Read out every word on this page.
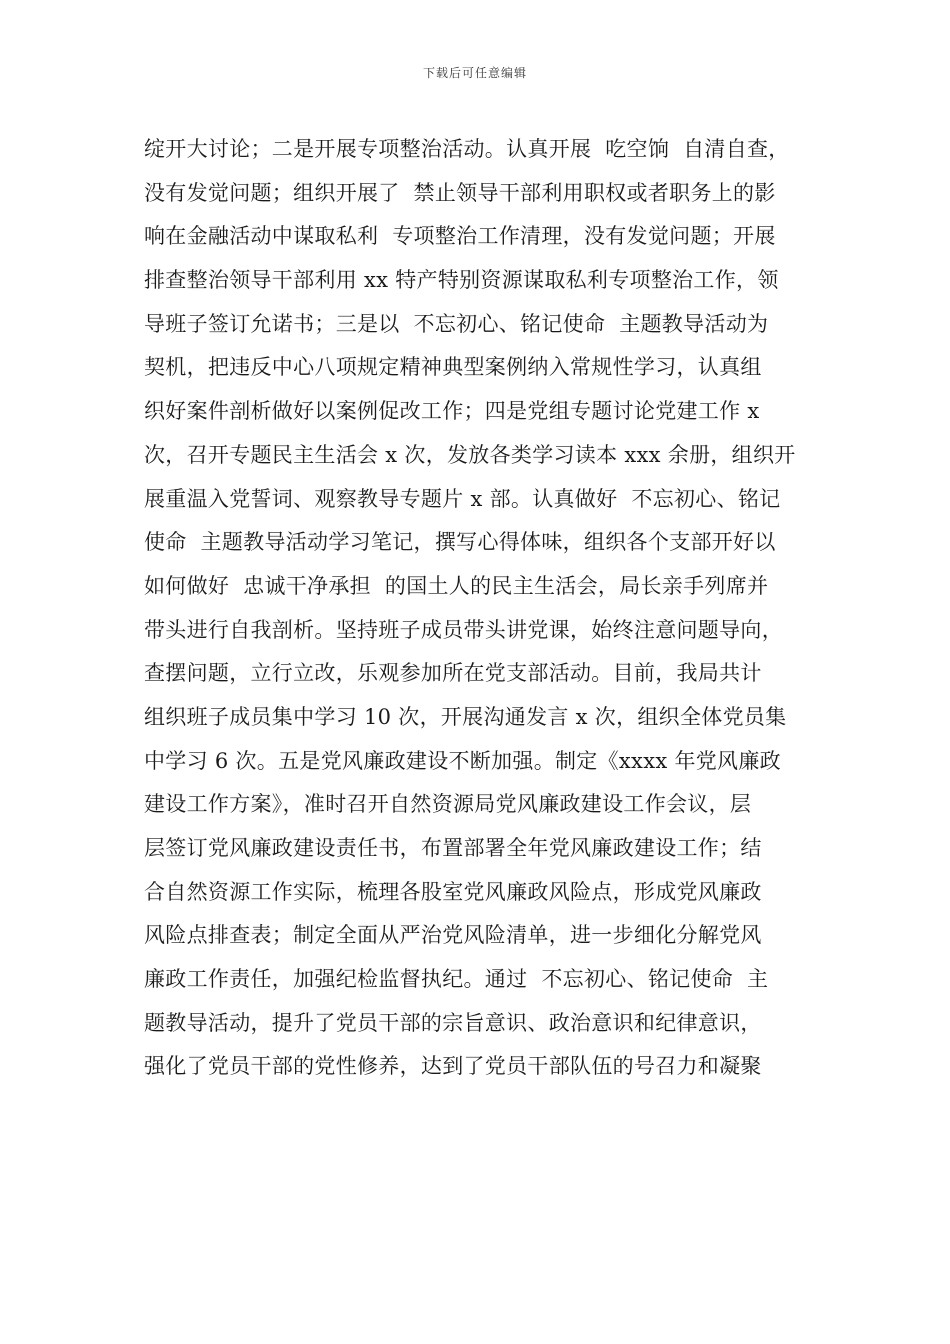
下载后可任意编辑
绽开大讨论；二是开展专项整治活动。认真开展  吃空饷  自清自查，
没有发觉问题；组织开展了  禁止领导干部利用职权或者职务上的影
响在金融活动中谋取私利  专项整治工作清理，没有发觉问题；开展
排查整治领导干部利用 xx 特产特别资源谋取私利专项整治工作，领
导班子签订允诺书；三是以  不忘初心、铭记使命  主题教导活动为
契机，把违反中心八项规定精神典型案例纳入常规性学习，认真组
织好案件剖析做好以案例促改工作；四是党组专题讨论党建工作 x
次，召开专题民主生活会 x 次，发放各类学习读本 xxx 余册，组织开
展重温入党誓词、观察教导专题片 x 部。认真做好  不忘初心、铭记
使命  主题教导活动学习笔记，撰写心得体味，组织各个支部开好以
如何做好  忠诚干净承担  的国土人的民主生活会，局长亲手列席并
带头进行自我剖析。坚持班子成员带头讲党课，始终注意问题导向，
查摆问题，立行立改，乐观参加所在党支部活动。目前，我局共计
组织班子成员集中学习 10 次，开展沟通发言 x 次，组织全体党员集
中学习 6 次。五是党风廉政建设不断加强。制定《xxxx 年党风廉政
建设工作方案》，准时召开自然资源局党风廉政建设工作会议，层
层签订党风廉政建设责任书，布置部署全年党风廉政建设工作；结
合自然资源工作实际，梳理各股室党风廉政风险点，形成党风廉政
风险点排查表；制定全面从严治党风险清单，进一步细化分解党风
廉政工作责任，加强纪检监督执纪。通过  不忘初心、铭记使命  主
题教导活动，提升了党员干部的宗旨意识、政治意识和纪律意识，
强化了党员干部的党性修养，达到了党员干部队伍的号召力和凝聚
